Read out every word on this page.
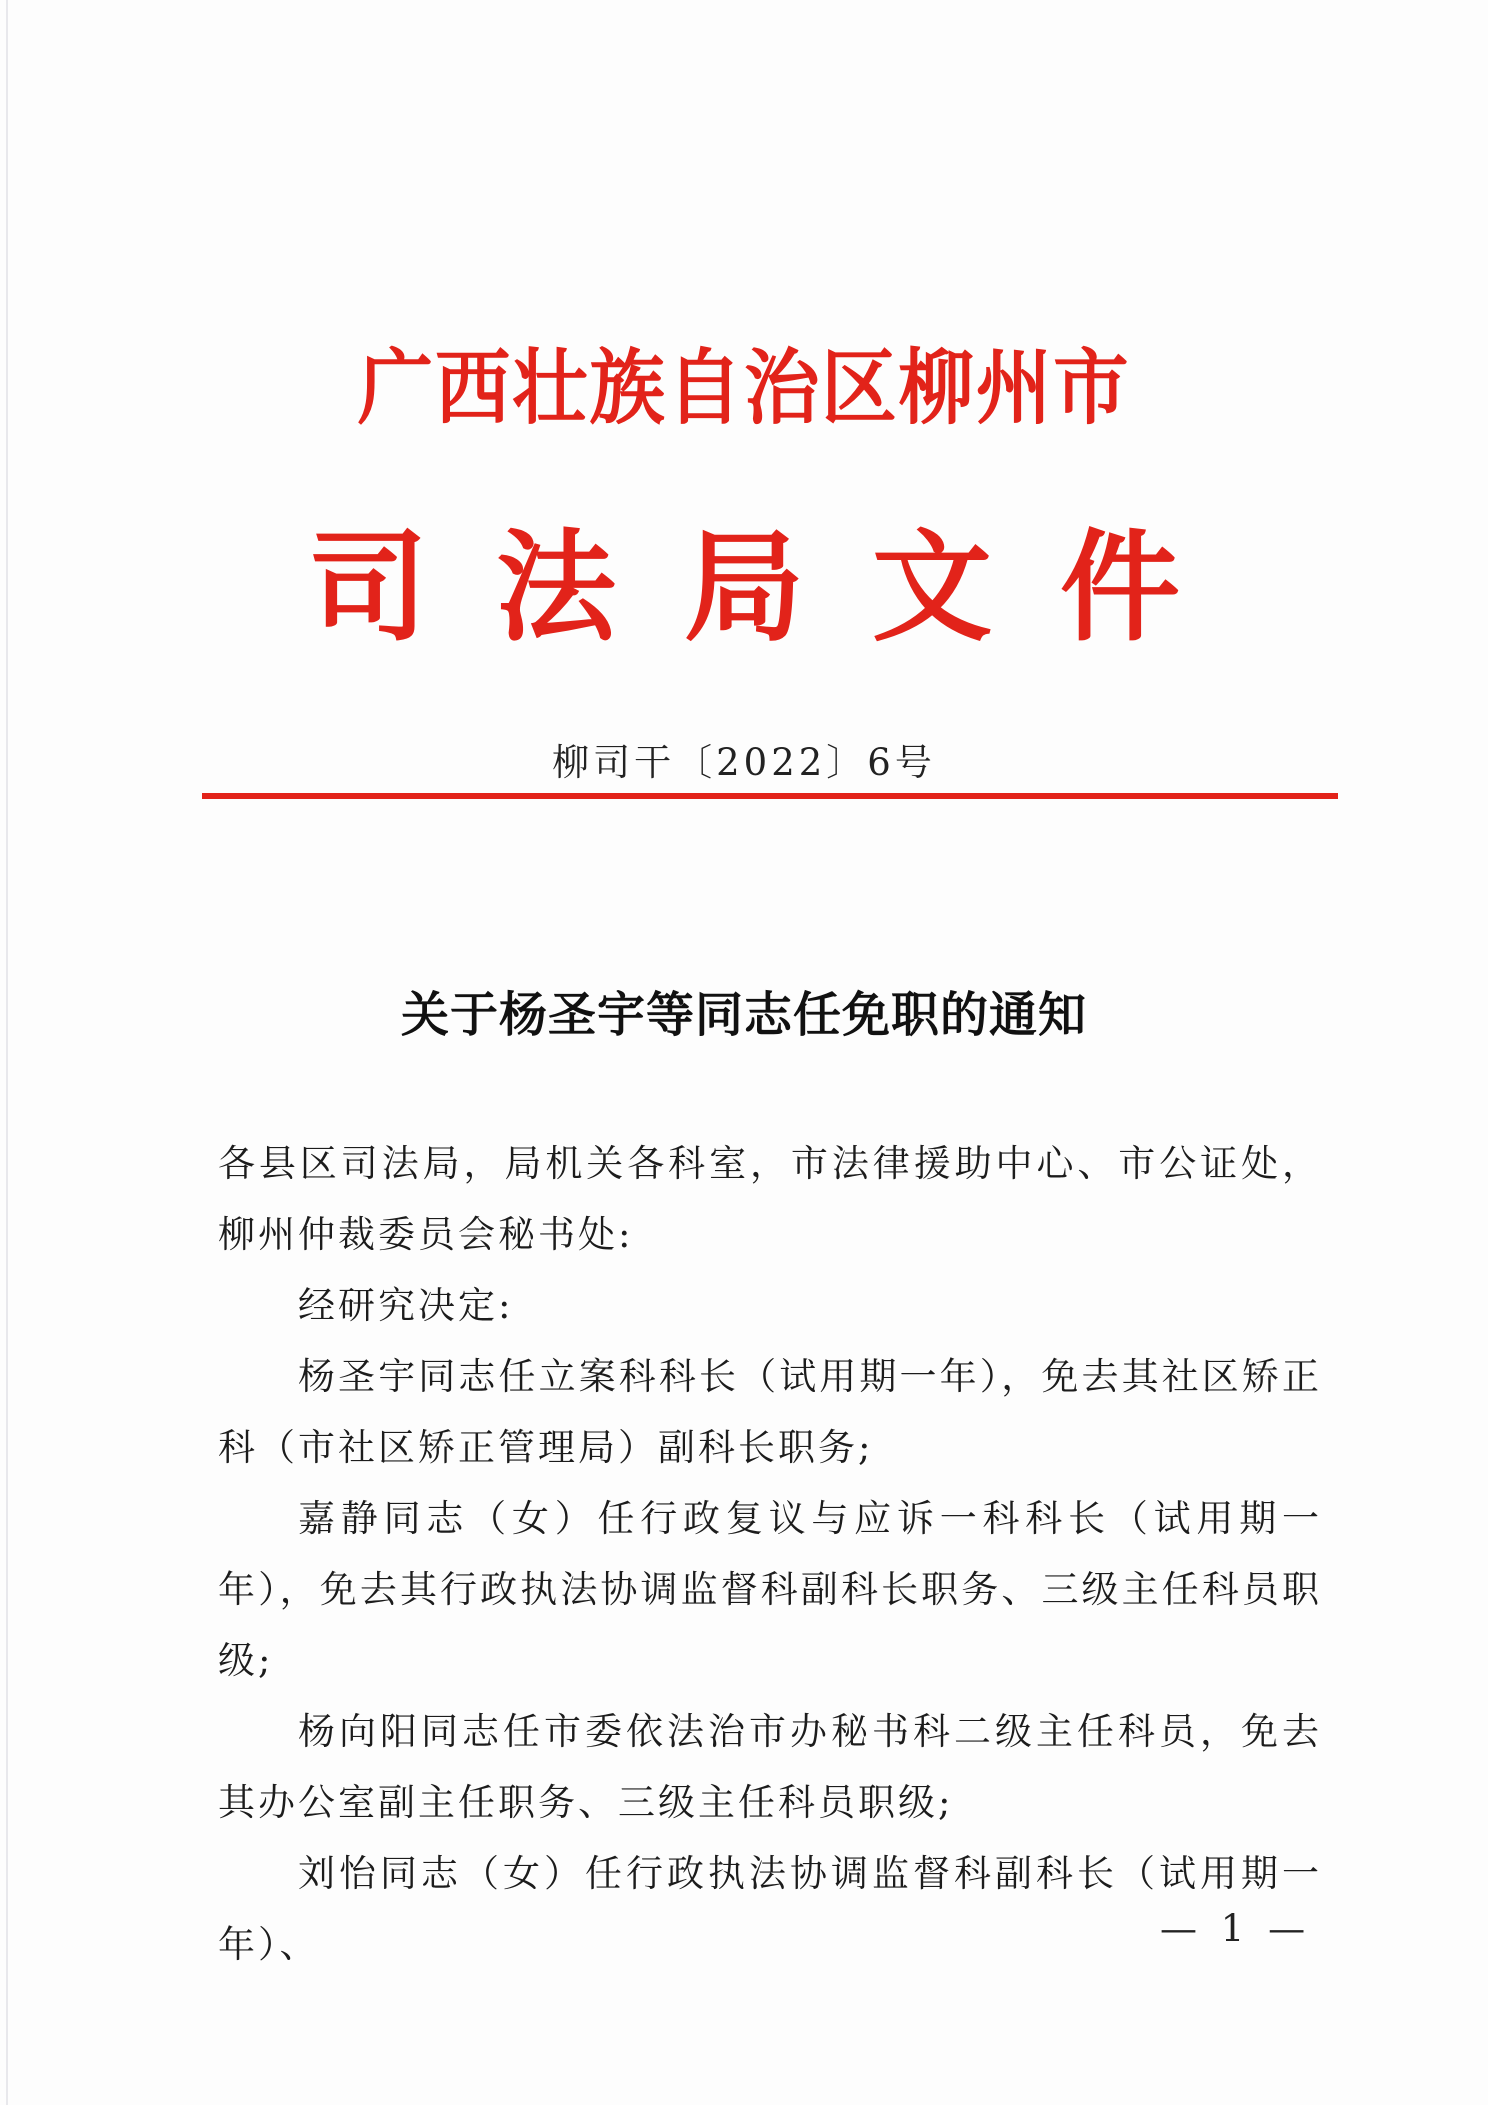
广西壮族自治区柳州市
司法局文件
柳司干〔2022〕6号
关于杨圣宇等同志任免职的通知

各县区司法局，局机关各科室，市法律援助中心、市公证处，柳州仲裁委员会秘书处:

经研究决定:

杨圣宇同志任立案科科长（试用期一年），免去其社区矫正科（市社区矫正管理局）副科长职务;

嘉静同志（女）任行政复议与应诉一科科长（试用期一年），免去其行政执法协调监督科副科长职务、三级主任科员职级;

杨向阳同志任市委依法治市办秘书科二级主任科员，免去其办公室副主任职务、三级主任科员职级;

刘怡同志（女）任行政执法协调监督科副科长（试用期一年）、	— 1 —
